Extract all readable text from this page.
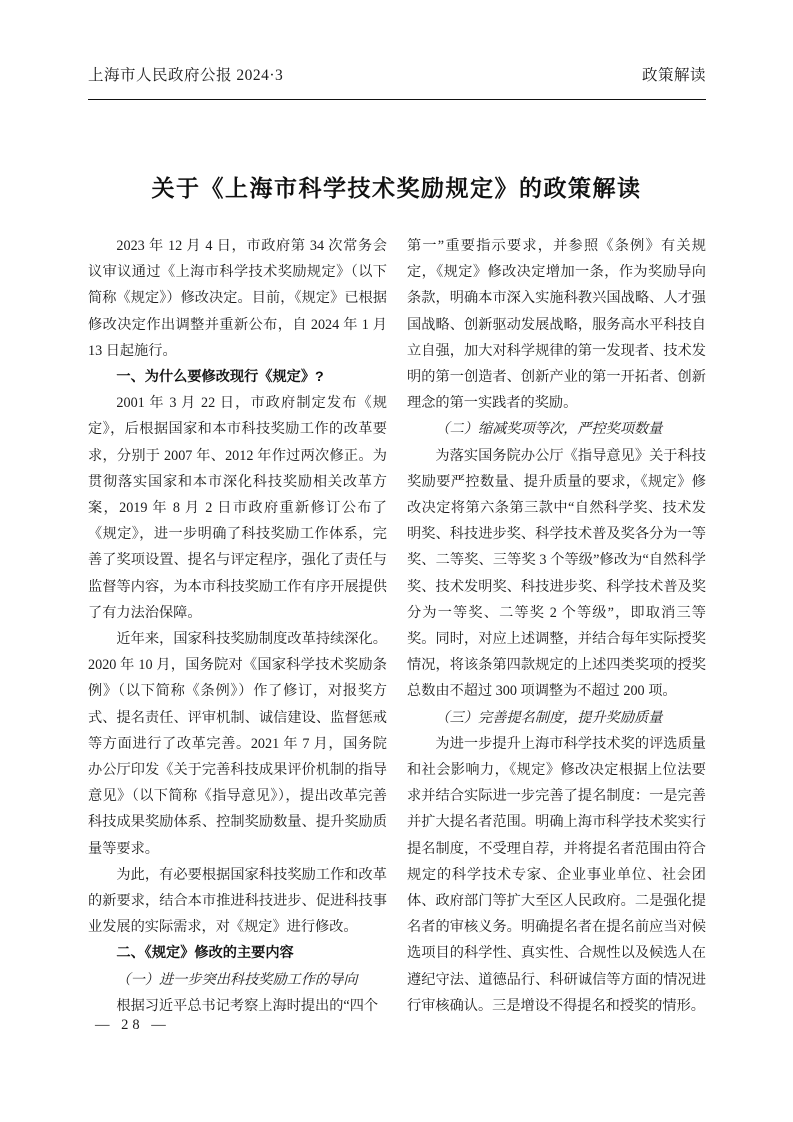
上海市人民政府公报 2024·3	政策解读
关于《上海市科学技术奖励规定》的政策解读

2023 年 12 月 4 日，市政府第 34 次常务会议审议通过《上海市科学技术奖励规定》（以下简称《规定》）修改决定。目前，《规定》已根据修改决定作出调整并重新公布，自 2024 年 1 月 13 日起施行。

一、为什么要修改现行《规定》?

2001 年 3 月 22 日，市政府制定发布《规定》，后根据国家和本市科技奖励工作的改革要求，分别于 2007 年、2012 年作过两次修正。为贯彻落实国家和本市深化科技奖励相关改革方案，2019 年 8 月 2 日市政府重新修订公布了《规定》，进一步明确了科技奖励工作体系，完善了奖项设置、提名与评定程序，强化了责任与监督等内容，为本市科技奖励工作有序开展提供了有力法治保障。

近年来，国家科技奖励制度改革持续深化。2020 年 10 月，国务院对《国家科学技术奖励条例》（以下简称《条例》）作了修订，对报奖方式、提名责任、评审机制、诚信建设、监督惩戒等方面进行了改革完善。2021 年 7 月，国务院办公厅印发《关于完善科技成果评价机制的指导意见》（以下简称《指导意见》），提出改革完善科技成果奖励体系、控制奖励数量、提升奖励质量等要求。

为此，有必要根据国家科技奖励工作和改革的新要求，结合本市推进科技进步、促进科技事业发展的实际需求，对《规定》进行修改。

二、《规定》修改的主要内容

（一）进一步突出科技奖励工作的导向

根据习近平总书记考察上海时提出的“四个

第一”重要指示要求，并参照《条例》有关规定，《规定》修改决定增加一条，作为奖励导向条款，明确本市深入实施科教兴国战略、人才强国战略、创新驱动发展战略，服务高水平科技自立自强，加大对科学规律的第一发现者、技术发明的第一创造者、创新产业的第一开拓者、创新理念的第一实践者的奖励。

（二）缩减奖项等次，严控奖项数量

为落实国务院办公厅《指导意见》关于科技奖励要严控数量、提升质量的要求，《规定》修改决定将第六条第三款中“自然科学奖、技术发明奖、科技进步奖、科学技术普及奖各分为一等奖、二等奖、三等奖 3 个等级”修改为“自然科学奖、技术发明奖、科技进步奖、科学技术普及奖分为一等奖、二等奖 2 个等级”，即取消三等奖。同时，对应上述调整，并结合每年实际授奖情况，将该条第四款规定的上述四类奖项的授奖总数由不超过 300 项调整为不超过 200 项。

（三）完善提名制度，提升奖励质量

为进一步提升上海市科学技术奖的评选质量和社会影响力，《规定》修改决定根据上位法要求并结合实际进一步完善了提名制度：一是完善并扩大提名者范围。明确上海市科学技术奖实行提名制度，不受理自荐，并将提名者范围由符合规定的科学技术专家、企业事业单位、社会团体、政府部门等扩大至区人民政府。二是强化提名者的审核义务。明确提名者在提名前应当对候选项目的科学性、真实性、合规性以及候选人在遵纪守法、道德品行、科研诚信等方面的情况进行审核确认。三是增设不得提名和授奖的情形。

— 28 —
